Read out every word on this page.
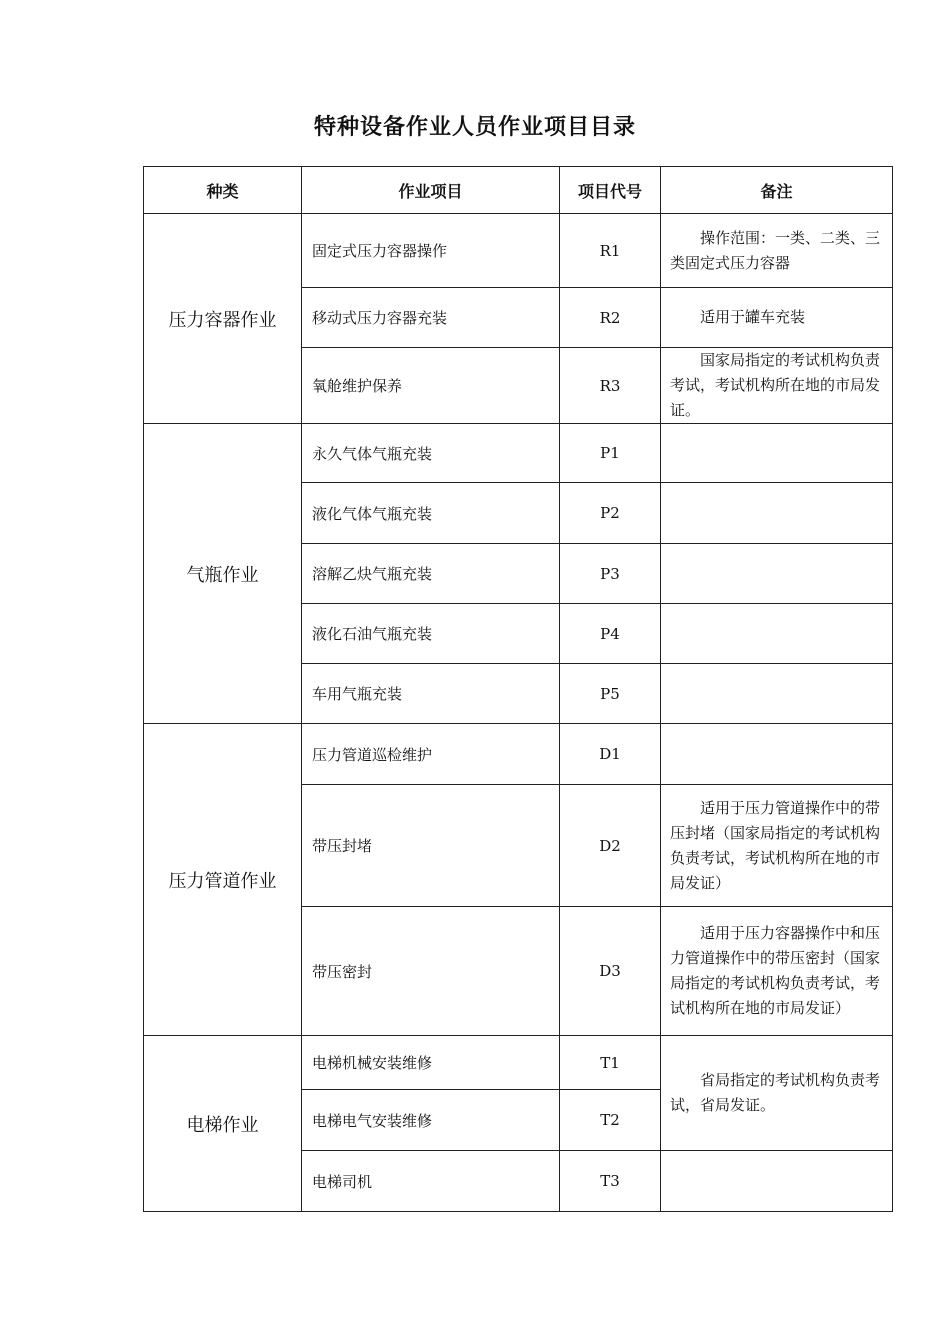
特种设备作业人员作业项目目录
种类	作业项目	项目代号	备注
压力容器作业	固定式压力容器操作	R1	操作范围：一类、二类、三类固定式压力容器
	移动式压力容器充装	R2	适用于罐车充装
	氧舱维护保养	R3	国家局指定的考试机构负责考试，考试机构所在地的市局发证。
气瓶作业	永久气体气瓶充装	P1	
	液化气体气瓶充装	P2	
	溶解乙炔气瓶充装	P3	
	液化石油气瓶充装	P4	
	车用气瓶充装	P5	
压力管道作业	压力管道巡检维护	D1	
	带压封堵	D2	适用于压力管道操作中的带压封堵（国家局指定的考试机构负责考试，考试机构所在地的市局发证）
	带压密封	D3	适用于压力容器操作中和压力管道操作中的带压密封（国家局指定的考试机构负责考试，考试机构所在地的市局发证）
电梯作业	电梯机械安装维修	T1	省局指定的考试机构负责考试，省局发证。
	电梯电气安装维修	T2	
	电梯司机	T3	
